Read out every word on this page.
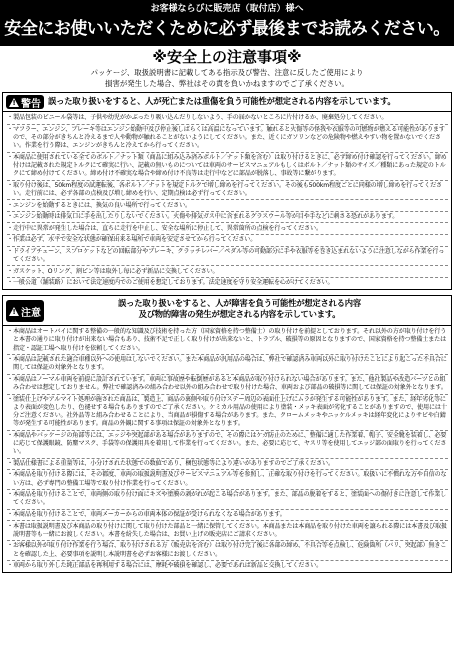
お客様ならびに販売店（取付店）様へ
安全にお使いいただくために必ず最後までお読みください。
※安全上の注意事項※
パッケージ、取扱説明書に記載してある指示及び警告、注意に反したご使用により
損害が発生した場合、弊社はその責を負いかねますのでご了承ください。
!
警告 誤った取り扱いをすると、人が死亡または重傷を負う可能性が想定される内容を示しています。
・ 製品包装のビニール袋等は、子供や幼児がかぶったり吸い込んだりしないよう、手の届かないところに片付けるか、廃棄処分してください。
・ マフラー、エンジン、ブレーキ等はエンジン始動中及び停止後しばらくは高温になっています。触れると火傷等の怪我や衣服等の可燃物が燃える可能性がありますので、その部分がきちんと冷えるまで人や動物が触れることがないようにしてください。また、近くにガソリンなどの危険物や燃えやすい物を置かないでください。作業を行う際は、エンジンがきちんと冷えてから行ってください。
・ 本商品に使用されている全てのボルト／ナット類（商品に組み込み済みボルト／ナット類を含む）は取り付けるときに、必ず締め付け確認を行ってください。締め付けは記載された規定トルクにて確実に行い、記載の無いものについては車両のサービスマニュアルもしくはボルト／ナット類のサイズ／種類にあった規定のトルクにて締め付けてください。締め付け不確実な場合や締め付け不良等は走行中などに部品が脱落し、事故等に繋がります。
・ 取り付け後は、50km程度の試運転後、各ボルト／ナットを規定トルクで増し締めを行ってください。その後も500km程度ごとに同様の増し締めを行ってください。走行前には、必ず各部の点検及び増し締めを行い、定期点検は必ず行ってください。
・ エンジンを始動するときには、換気の良い場所で行ってください。
・ エンジン始動時は排気口に手を出したりしないでください。火傷や排気ガス中に含まれるグラスウール等が目や手などに刺さる恐れがあります。
・ 走行中に異常が発生した場合は、直ちに走行を中止し、安全な場所に停止して、異常箇所の点検を行ってください。
・ 作業は必ず、水平で安全な状態が確保出来る場所で車両を安定させてから行ってください。
・ ドライブチェーン、スプロケットなどの回転部分やブレーキ、クラッチレバー／ペダル等の可動部分に手や衣服等を巻き込まれないように注意しながら作業を行ってください。
・ ガスケット、Oリング、割ピン等は取外し毎に必ず新品に交換してください。
・ 一般公道（舗装路）において法定速度内でのご使用を想定しております。法定速度を守り安全運転を心がけてください。
!
注意
誤った取り扱いをすると、人が障害を負う可能性が想定される内容
及び物的障害の発生が想定される内容を示しています。
・ 本商品はオートバイに関する整備の一般的な知識及び技術を持った方（国家資格を持つ整備士）の取り付けを前提としております。それ以外の方が取り付けを行うと本書の通りに取り付けが出来ない場合もあり、技術不足で正しく取り付けが出来ないと、トラブル、破損等の原因となりますので、国家資格を持つ整備士または指定・認証工場へ取り付けを依頼してください。
・ 本商品は記載された適合車種以外への使用はしないでください。また本商品が汎用品の場合は、弊社で確認済み車両以外に取り付けたことにより起こった不具合に関しては保証の対象外となります。
・ 本商品はノーマル車両を前提に設計されています。車両に事故歴や転倒歴があると本商品が取り付けられない場合があります。また、他社製品や改造パーツとの組み合わせは想定しておりません。弊社で確認済みの組み合わせ以外の組み合わせで取り付けた場合、車両および部品の破損等に関しては保証の対象外となります。
・ 塗装仕上げやアルマイト処理が施された商品は、製造上、商品の裏側や取り付けステー周辺の表面仕上げにムラが発生する可能性があります。また、経年劣化等により表面が変色したり、色褪せする場合もありますのでご了承ください。ケミカル用品の使用により塗装・メッキ表面が劣化することがありますので、使用には十分ご注意ください。社外品等と組み合わせることにより、当商品が損傷する場合があります。また、クロームメッキやニッケルメッキは経年変化によりサビや白錆等が発生する可能性があります。商品の外観に関する事項は保証の対象外となります。
・ 本商品やパッケージの角部等には、エッジや突起部がある場合がありますので、その際にはケガ防止のために、整備に適した作業着、帽子、安全靴を装着し、必要に応じて保護眼鏡、防塵マスク、手袋等の保護用具を着用して作業を行ってください。また、必要に応じて、ヤスリ等を使用してエッジ部の面取りを行ってください。
・ 製品仕様書による重量等は、小分けされた状態での数値であり、梱包状態等により違いがありますのでご了承ください。
・ 本商品を取り付ける際には、その都度、車両の取扱説明書及びサービスマニュアル等を参照し、正確な取り付けを行ってください。取扱いに不慣れな方や自信のない方は、必ず専門の整備工場等で取り付け作業を行ってください。
・ 本商品を取り付けることで、車両側の取り付け面にキズや塗膜の剥がれが起こる場合があります。また、部品の脱着をすると、塗装面への傷付きに注意して作業してください。
・ 本商品を取り付けることで、車両メーカーからの車両本体の保証が受けられなくなる場合があります。
・ 本書は取扱説明書及び本商品の取り付けに関して取り付けた部品と一緒に保管してください。本商品または本商品を取り付けた車両を譲られる際には本書及び取扱説明書等も一緒にお渡しください。本書を紛失した場合は、お買い上げの販売店にご請求ください。
・ お客様以外が取り付け作業を行う場合、取り付けされる方（販売店を含む）は取り付け完了後に各部の締め、不具合等を点検し、危険箇所（バリ、突起部）無きことを確認した上、必要事項を説明し本説明書を必ずお客様にお渡しください。
・ 車両から取り外した純正部品を再利用する場合には、摩耗や破損を確認し、必要であれば新品と交換してください。
